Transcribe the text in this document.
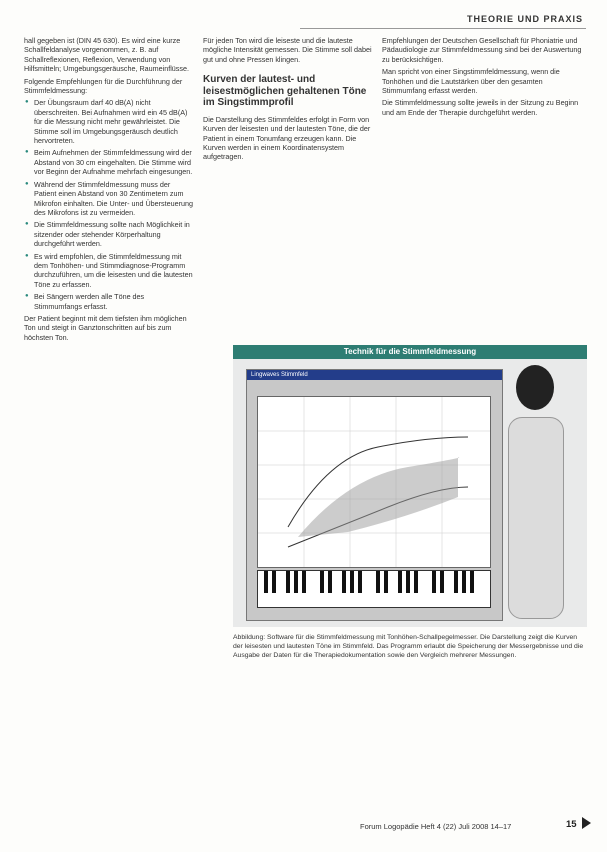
THEORIE UND PRAXIS

hall gegeben ist (DIN 45 630). Es wird eine kurze Schallfeldanalyse vorgenommen, z. B. auf Schallreflexionen, Reflexion, Verwendung von Hilfsmitteln; Umgebungsgeräusche, Raumeinflüsse.

Folgende Empfehlungen für die Durchführung der Stimmfeldmessung:

● Der Übungsraum darf 40 dB(A) nicht überschreiten. Bei Aufnahmen wird ein 45 dB(A) für die Messung nicht mehr gewährleistet. Die Stimme soll im Umgebungsgeräusch deutlich hervortreten.
● Beim Aufnehmen der Stimmfeldmessung wird der Abstand von 30 cm eingehalten. Die Stimme wird vor Beginn der Aufnahme mehrfach eingesungen.
● Während der Stimmfeldmessung muss der Patient einen Abstand von 30 Zentimetern zum Mikrofon einhalten. Die Unter- und Übersteuerung des Mikrofons ist zu vermeiden.
● Die Stimmfeldmessung sollte nach Möglichkeit in sitzender oder stehender Körperhaltung durchgeführt werden.
● Es wird empfohlen, die Stimmfeldmessung mit dem Tonhöhen- und Stimmdiagnose-Programm durchzuführen, um die leisesten und die lautesten Töne zu erfassen.
● Bei Sängern werden alle Töne des Stimmumfangs erfasst.

Der Patient beginnt mit dem tiefsten ihm möglichen Ton und steigt in Ganztonschritten auf bis zum höchsten Ton.

Für jeden Ton wird die leiseste und die lauteste mögliche Intensität gemessen. Die Stimme soll dabei gut und ohne Pressen klingen.

Kurven der lautest- und leisestmöglichen gehaltenen Töne im Singstimmprofil

Die Darstellung des Stimmfeldes erfolgt in Form von Kurven der leisesten und der lautesten Töne, die der Patient in einem Tonumfang erzeugen kann. Die Kurven werden in einem Koordinatensystem aufgetragen.

Empfehlungen der Deutschen Gesellschaft für Phoniatrie und Pädaudiologie zur Stimmfeldmessung sind bei der Auswertung zu berücksichtigen.

Man spricht von einer Singstimmfeldmessung, wenn die Tonhöhen und die Lautstärken über den gesamten Stimmumfang erfasst werden.

Die Stimmfeldmessung sollte jeweils in der Sitzung zu Beginn und am Ende der Therapie durchgeführt werden.

Technik für die Stimmfeldmessung
Lingwaves Stimmfeld
Abbildung: Software für die Stimmfeldmessung mit Tonhöhen-Schallpegelmesser. Die Darstellung zeigt die Kurven der leisesten und lautesten Töne im Stimmfeld. Das Programm erlaubt die Speicherung der Messergebnisse und die Ausgabe der Daten für die Therapiedokumentation sowie den Vergleich mehrerer Messungen.
Forum Logopädie Heft 4 (22) Juli 2008 14–17	15
